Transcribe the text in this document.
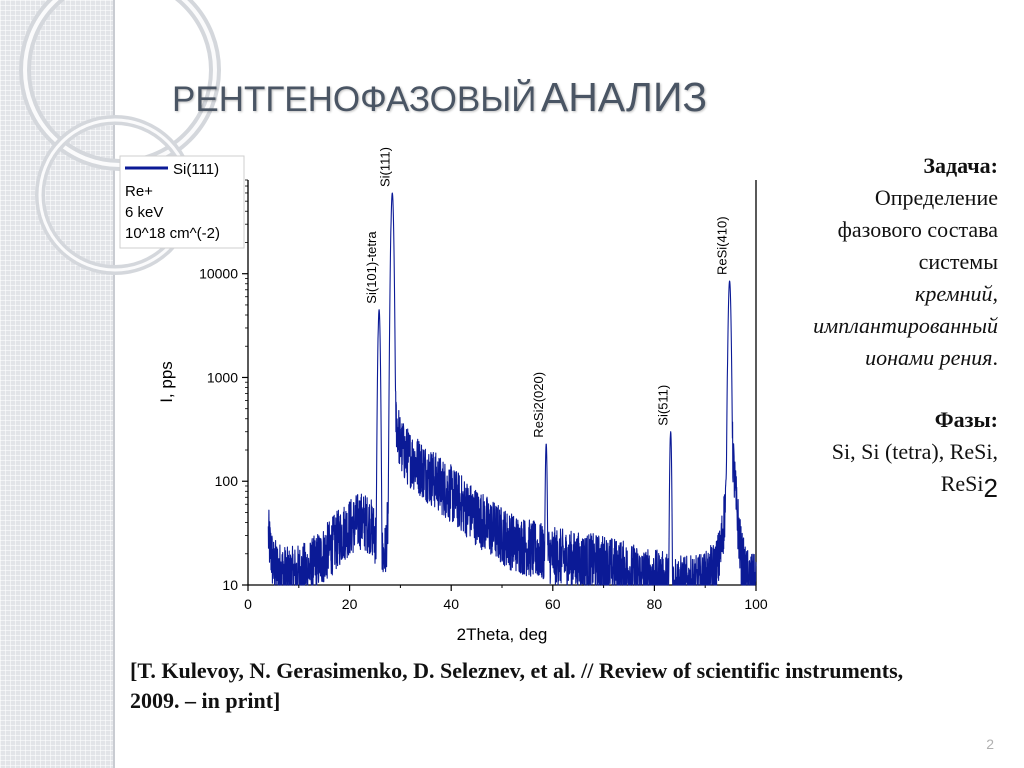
РЕНТГЕНОФАЗОВЫЙ АНАЛИЗ
0	20	40	60	80	100
10
100
1000
10000	Si(101)-tetra
Si(111)
ReSi2(020)	Si(511)
ReSi(410)
2Theta, deg
I, pps
Si(111)
Re+
6 keV
10^18 cm^(-2)
Задача:
Определение
фазового состава
системы
кремний,
имплантированный
ионами рения.
Фазы:
Si, Si (tetra), ReSi,
ReSi2
[T. Kulevoy, N. Gerasimenko, D. Seleznev, et al. // Review of scientific instruments, 2009. – in print]
2
